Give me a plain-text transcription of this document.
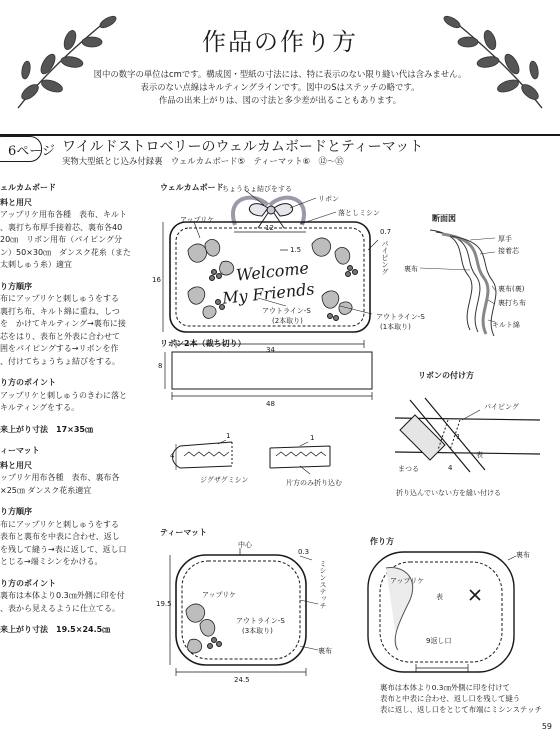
作品の作り方
図中の数字の単位はcmです。構成図・型紙の寸法には、特に表示のない限り縫い代は含みません。
表示のない点線はキルティングラインです。図中のSはステッチの略です。
作品の出来上がりは、図の寸法と多少差が出ることもあります。
6ページ ワイルドストロベリーのウェルカムボードとティーマット
実物大型紙とじ込み付録裏　ウェルカムボード⑤　ティーマット⑥　⑫〜⑮
ェルカムボード
料と用尺
アップリケ用布各種　表布、キルト
、裏打ち布厚手接着芯、裏布各40
20㎝　リボン用布（パイピング分
ン）50×30㎝　ダンスク花糸（また
太刺しゅう糸）適宜
り方順序
布にアップリケと刺しゅうをする
裏打ち布、キルト綿に重ね、しつ
を　かけてキルティング→裏布に接
芯をはり、表布と外表に合わせて
囲をパイピングする→リボンを作
、付けてちょうちょ結びをする。
り方のポイント
アップリケと刺しゅうのきわに落と
キルティングをする。
来上がり寸法　17×35㎝
ィーマット
料と用尺
ップリケ用布各種　表布、裏布各
×25㎝ ダンスク花糸適宜
り方順序
布にアップリケと刺しゅうをする
表布と裏布を中表に合わせ、返し
を残して縫う→表に返して、返し口
とじる→端ミシンをかける。
り方のポイント
裏布は本体より0.3㎝外側に印を付
、表から見えるように仕立てる。
来上がり寸法　19.5×24.5㎝
ウェルカムボード
ちょうちょ結びをする
リボン
落としミシン
アップリケ
12
1.5
0.7
パイピング
16	Welcome
My Friends
アウトライン-S
(2本取り)	アウトライン-S
(1本取り)
34
断面図
厚手
接着芯
裏布
裏布(裏)
裏打ち布
キルト綿
リボン2本（裁ち切り）
8
48
1
4
ジグザグミシン
1
片方のみ折り込む
リボンの付け方
パイピング
1
表
まつる	4
折り込んでいない方を縫い付ける
ティーマット
中心
0.3
ミシンステッチ
アップリケ
19.5
アウトライン-S
(3本取り)
裏布
24.5
作り方
裏布
アップリケ
表
9返し口
裏布は本体より0.3㎝外側に印を付けて
表布と中表に合わせ、返し口を残して縫う
表に返し、返し口をとじて布端にミシンステッチ
59
